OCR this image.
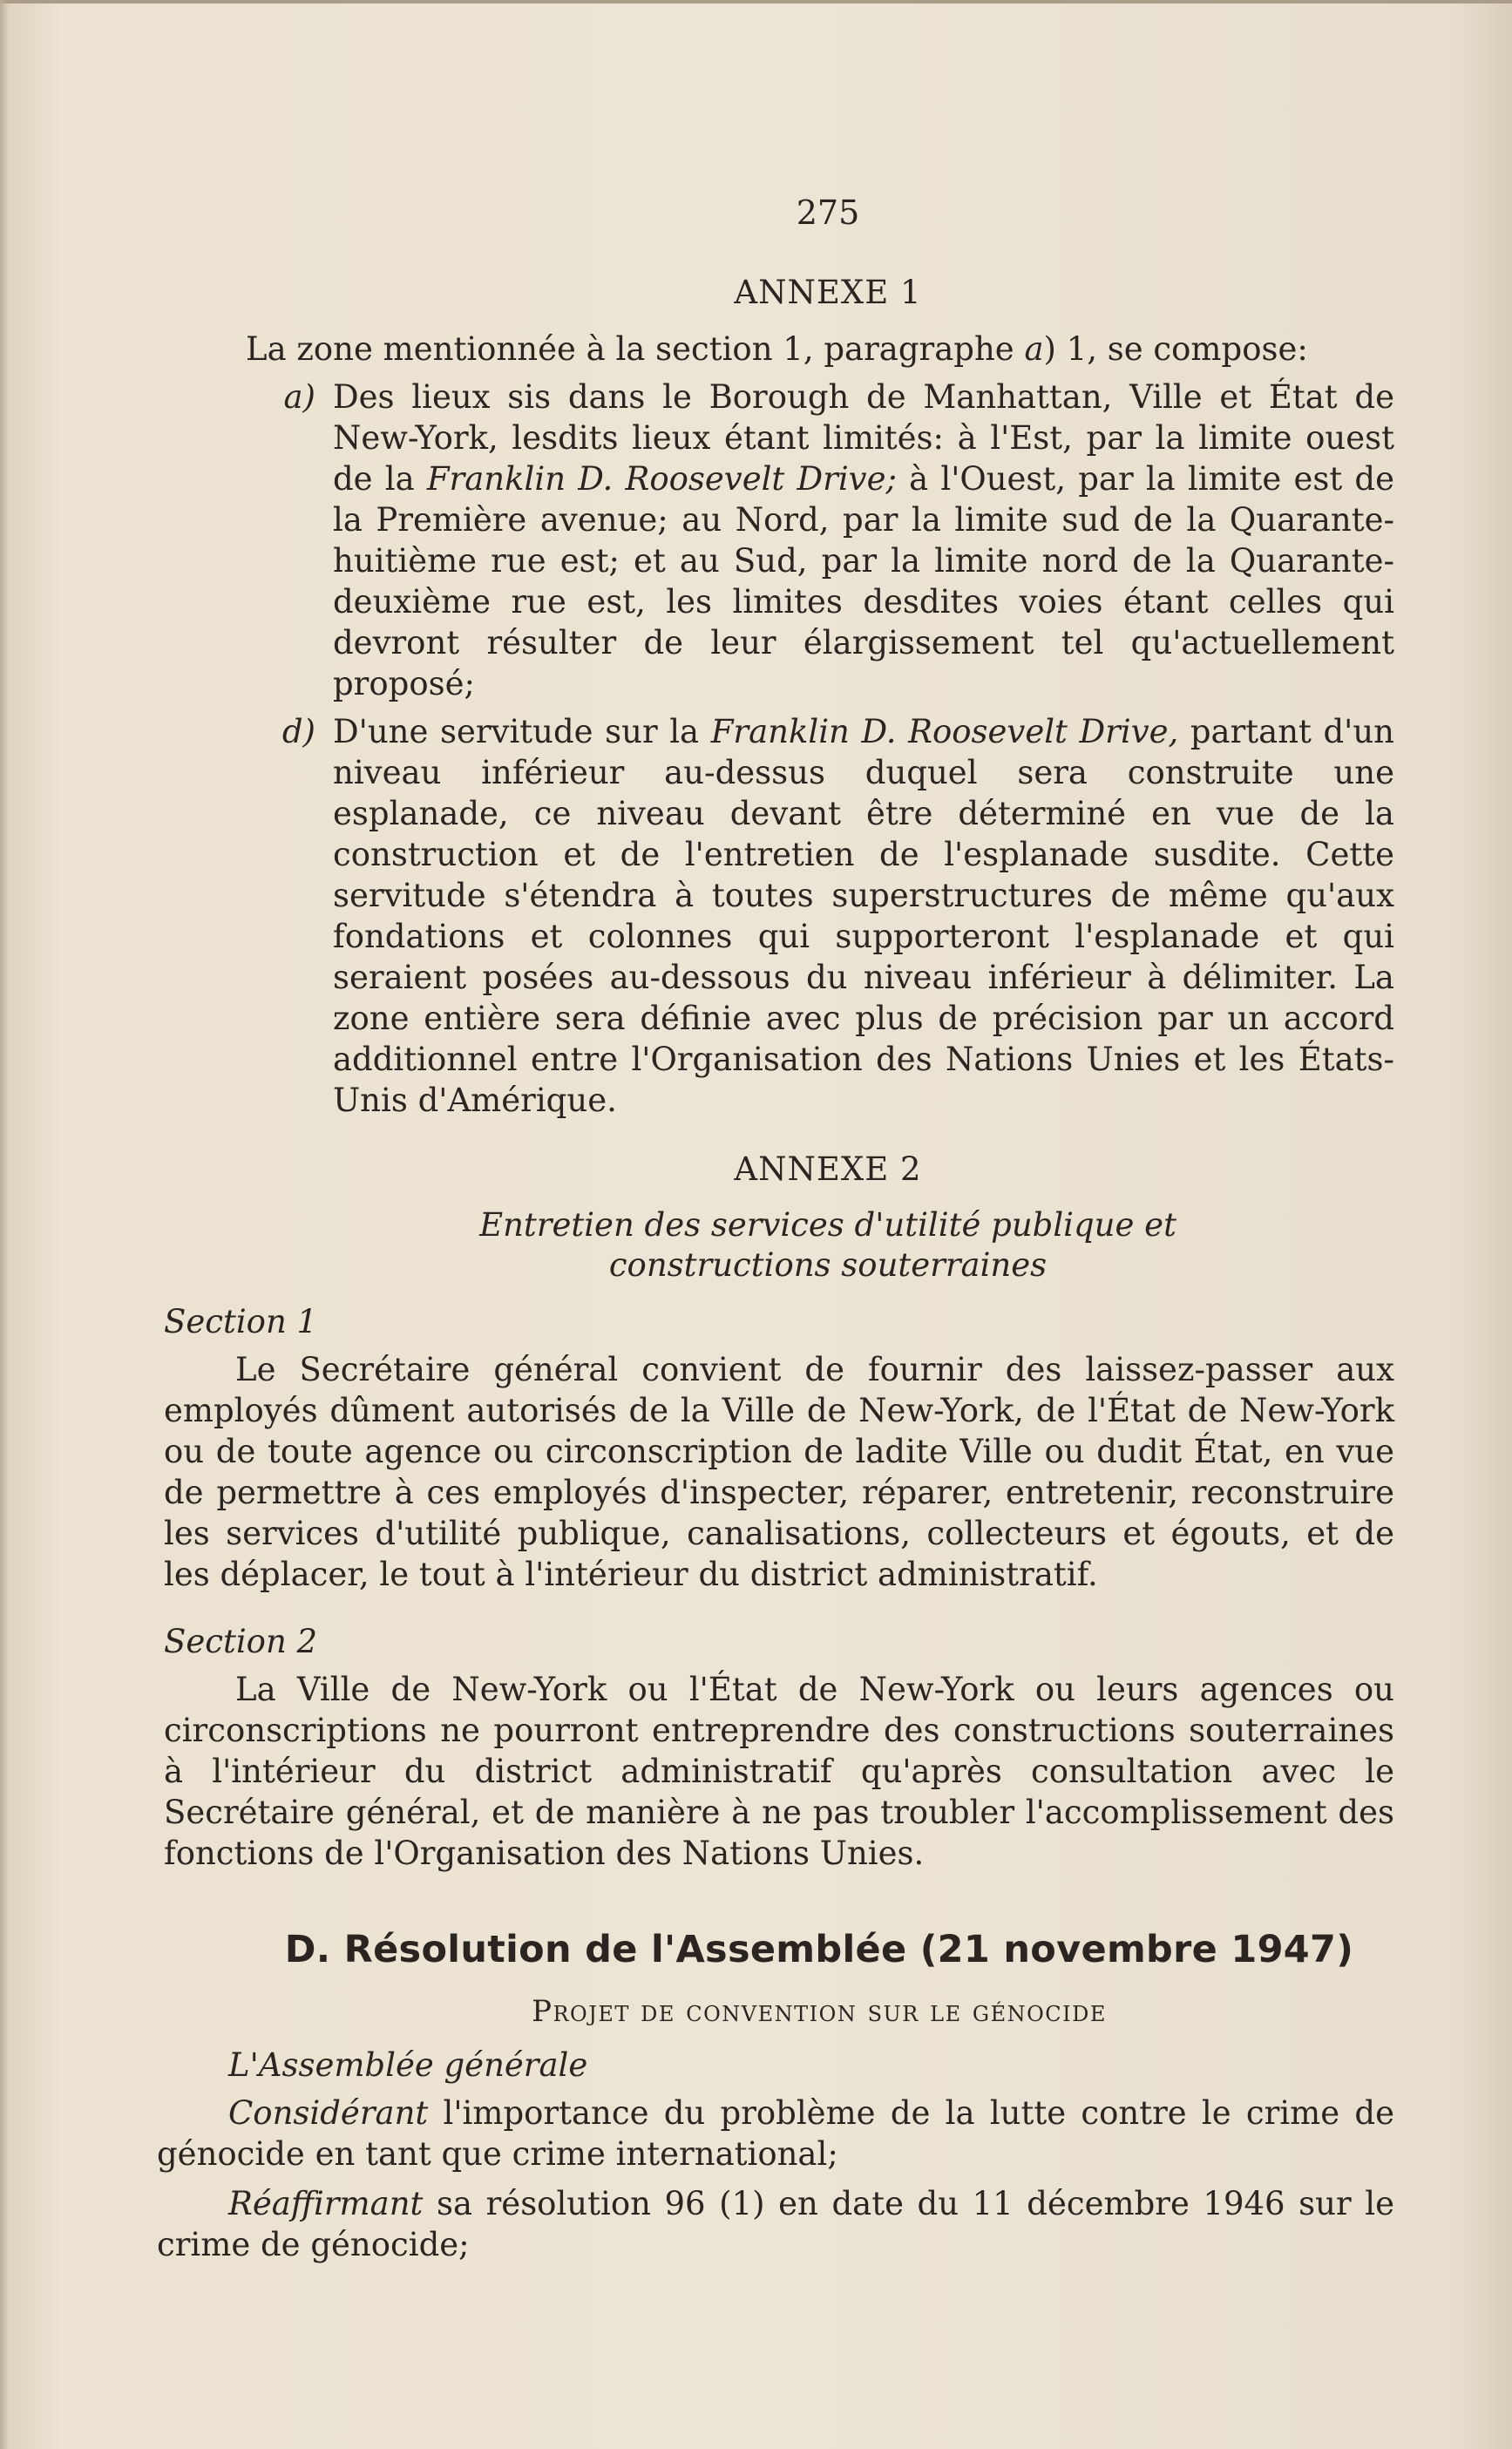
275
ANNEXE 1

La zone mentionnée à la section 1, paragraphe a) 1, se compose:

a) Des lieux sis dans le Borough de Manhattan, Ville et État de New-York, lesdits lieux étant limités: à l'Est, par la limite ouest de la Franklin D. Roosevelt Drive; à l'Ouest, par la limite est de la Première avenue; au Nord, par la limite sud de la Quarante-huitième rue est; et au Sud, par la limite nord de la Quarante-deuxième rue est, les limites desdites voies étant celles qui devront résulter de leur élargissement tel qu'actuellement proposé;

d) D'une servitude sur la Franklin D. Roosevelt Drive, partant d'un niveau inférieur au-dessus duquel sera construite une esplanade, ce niveau devant être déterminé en vue de la construction et de l'entretien de l'esplanade susdite. Cette servitude s'étendra à toutes superstructures de même qu'aux fondations et colonnes qui supporteront l'esplanade et qui seraient posées au-dessous du niveau inférieur à délimiter. La zone entière sera définie avec plus de précision par un accord additionnel entre l'Organisation des Nations Unies et les États-Unis d'Amérique.

ANNEXE 2
Entretien des services d'utilité publique et
constructions souterraines
Section 1

Le Secrétaire général convient de fournir des laissez-passer aux employés dûment autorisés de la Ville de New-York, de l'État de New-York ou de toute agence ou circonscription de ladite Ville ou dudit État, en vue de permettre à ces employés d'inspecter, réparer, entretenir, reconstruire les services d'utilité publique, canalisations, collecteurs et égouts, et de les déplacer, le tout à l'intérieur du district administratif.

Section 2

La Ville de New-York ou l'État de New-York ou leurs agences ou circonscriptions ne pourront entreprendre des constructions souterraines à l'intérieur du district administratif qu'après consultation avec le Secrétaire général, et de manière à ne pas troubler l'accomplissement des fonctions de l'Organisation des Nations Unies.

D. Résolution de l'Assemblée (21 novembre 1947)
Projet de convention sur le génocide
L'Assemblée générale

Considérant l'importance du problème de la lutte contre le crime de génocide en tant que crime international;

Réaffirmant sa résolution 96 (1) en date du 11 décembre 1946 sur le crime de génocide;
